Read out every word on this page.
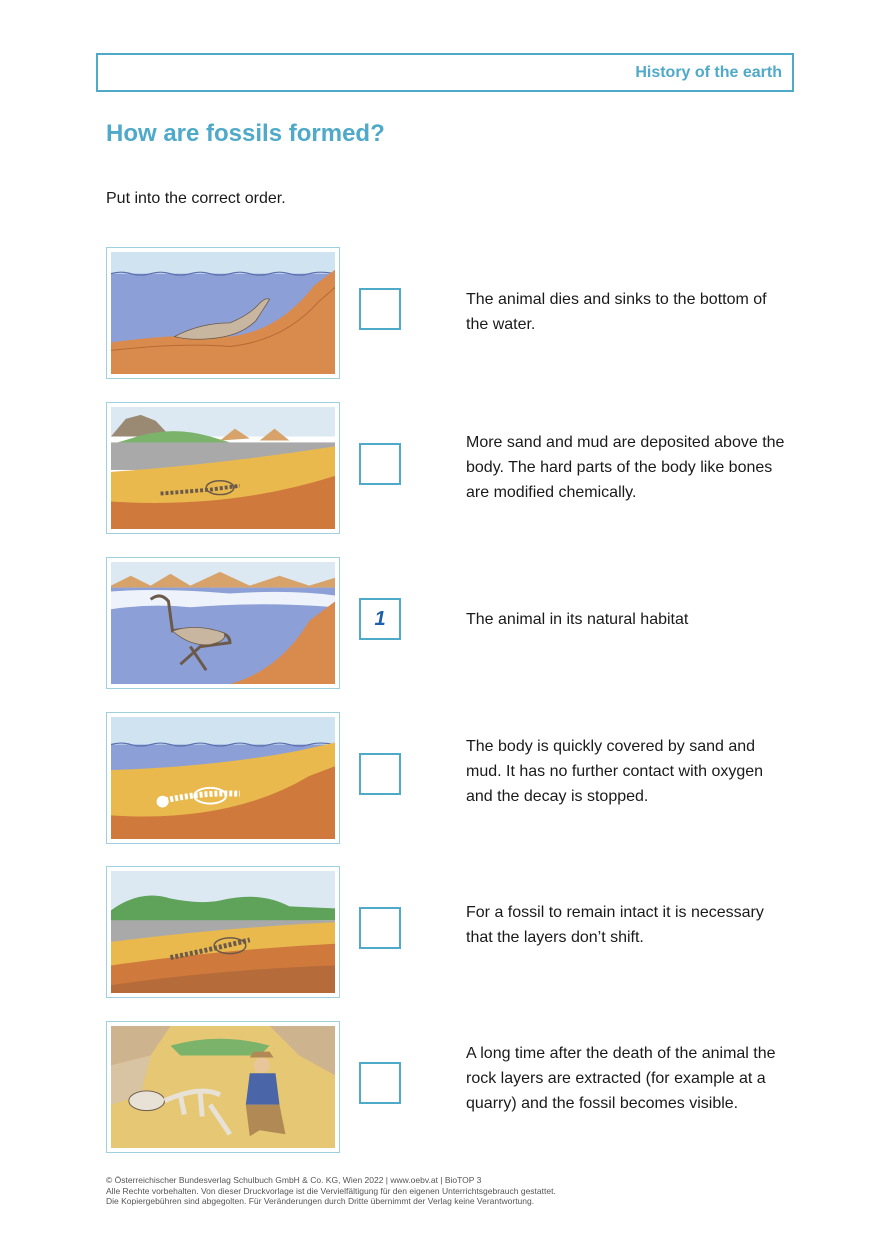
History of the earth
How are fossils formed?
Put into the correct order.
The animal dies and sinks to the bottom of the water.
More sand and mud are deposited above the body. The hard parts of the body like bones are modified chemically.
1	The animal in its natural habitat
The body is quickly covered by sand and mud. It has no further contact with oxygen and the decay is stopped.
For a fossil to remain intact it is necessary that the layers don’t shift.
A long time after the death of the animal the rock layers are extracted (for example at a quarry) and the fossil becomes visible.
© Österreichischer Bundesverlag Schulbuch GmbH & Co. KG, Wien 2022 | www.oebv.at | BioTOP 3
Alle Rechte vorbehalten. Von dieser Druckvorlage ist die Vervielfältigung für den eigenen Unterrichtsgebrauch gestattet.
Die Kopiergebühren sind abgegolten. Für Veränderungen durch Dritte übernimmt der Verlag keine Verantwortung.
